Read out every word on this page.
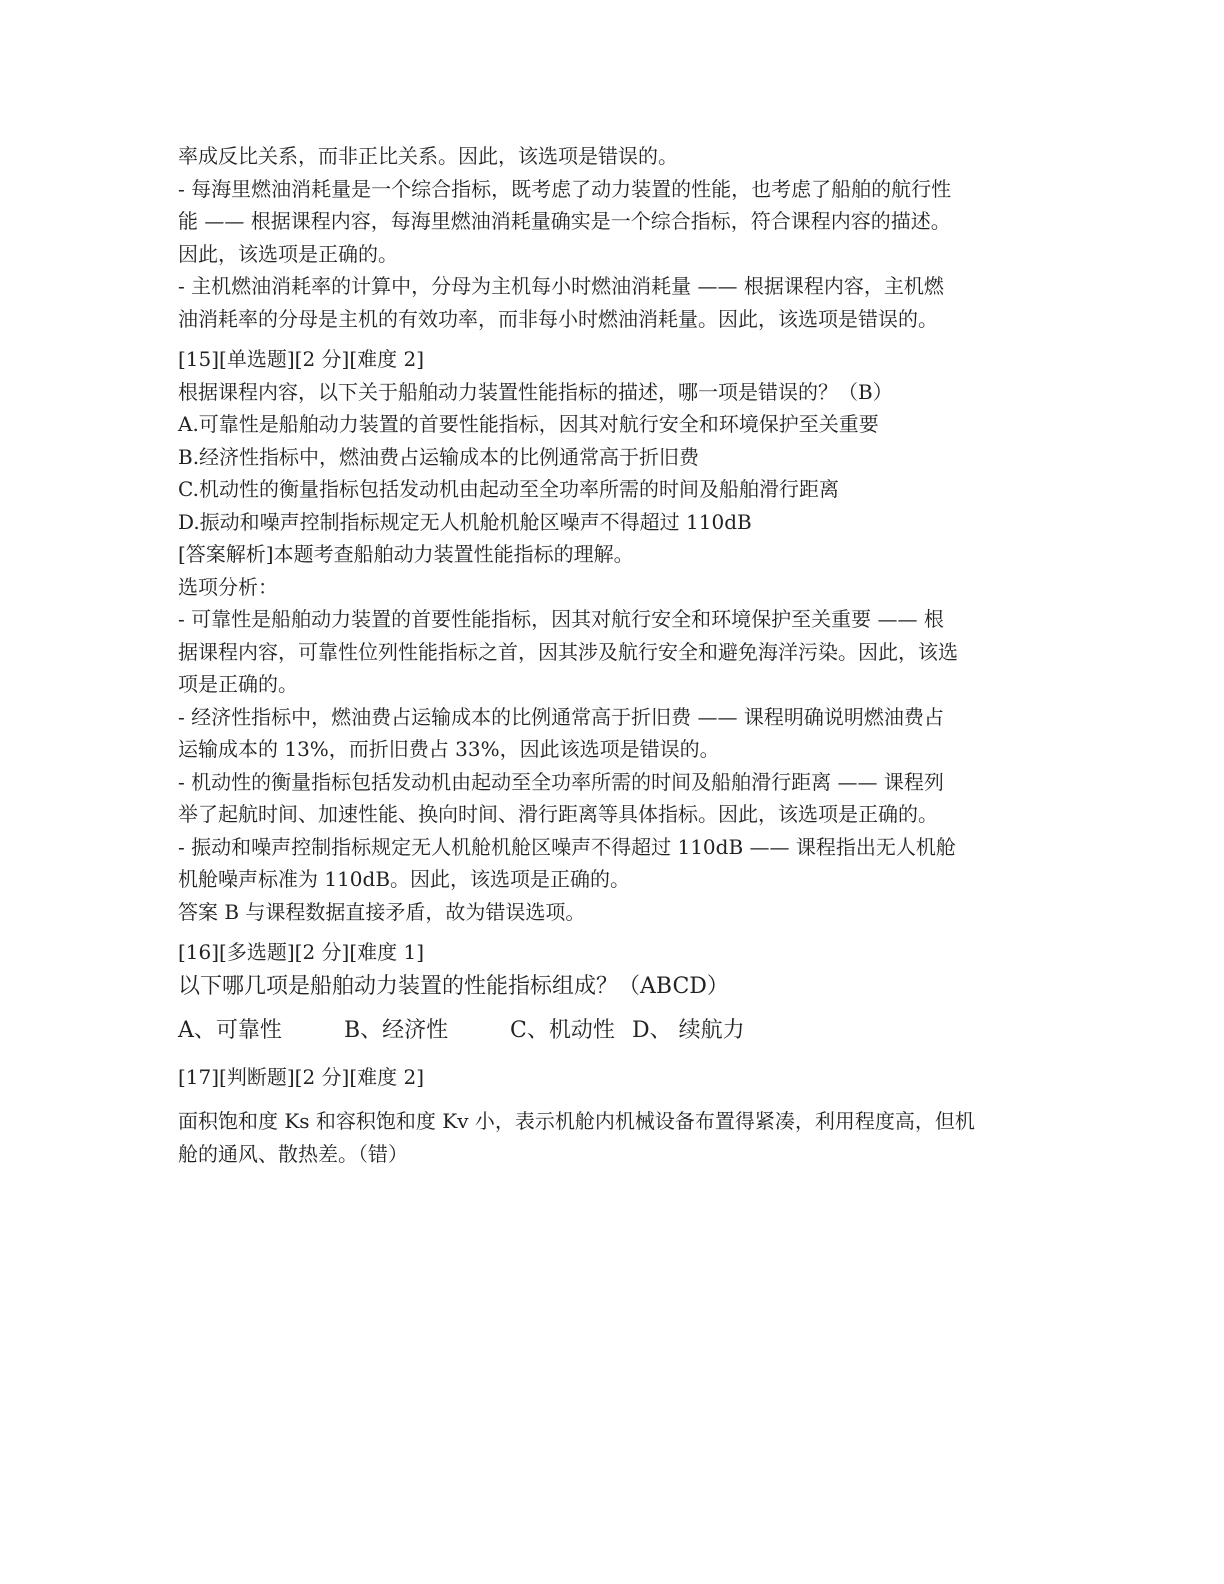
率成反比关系，而非正比关系。因此，该选项是错误的。
- 每海里燃油消耗量是一个综合指标，既考虑了动力装置的性能，也考虑了船舶的航行性
能 —— 根据课程内容，每海里燃油消耗量确实是一个综合指标，符合课程内容的描述。
因此，该选项是正确的。
- 主机燃油消耗率的计算中，分母为主机每小时燃油消耗量 —— 根据课程内容，主机燃
油消耗率的分母是主机的有效功率，而非每小时燃油消耗量。因此，该选项是错误的。
[15][单选题][2 分][难度 2]
根据课程内容，以下关于船舶动力装置性能指标的描述，哪一项是错误的？（B）
A.可靠性是船舶动力装置的首要性能指标，因其对航行安全和环境保护至关重要
B.经济性指标中，燃油费占运输成本的比例通常高于折旧费
C.机动性的衡量指标包括发动机由起动至全功率所需的时间及船舶滑行距离
D.振动和噪声控制指标规定无人机舱机舱区噪声不得超过 110dB
[答案解析]本题考查船舶动力装置性能指标的理解。
选项分析：
- 可靠性是船舶动力装置的首要性能指标，因其对航行安全和环境保护至关重要 —— 根
据课程内容，可靠性位列性能指标之首，因其涉及航行安全和避免海洋污染。因此，该选
项是正确的。
- 经济性指标中，燃油费占运输成本的比例通常高于折旧费 —— 课程明确说明燃油费占
运输成本的 13%，而折旧费占 33%，因此该选项是错误的。
- 机动性的衡量指标包括发动机由起动至全功率所需的时间及船舶滑行距离 —— 课程列
举了起航时间、加速性能、换向时间、滑行距离等具体指标。因此，该选项是正确的。
- 振动和噪声控制指标规定无人机舱机舱区噪声不得超过 110dB —— 课程指出无人机舱
机舱噪声标准为 110dB。因此，该选项是正确的。
答案 B 与课程数据直接矛盾，故为错误选项。
[16][多选题][2 分][难度 1]
以下哪几项是船舶动力装置的性能指标组成？（ABCD）
A、可靠性	B、经济性	C、机动性 D、 续航力
[17][判断题][2 分][难度 2]
面积饱和度 Ks 和容积饱和度 Kv 小，表示机舱内机械设备布置得紧凑，利用程度高，但机
舱的通风、散热差。（错）
